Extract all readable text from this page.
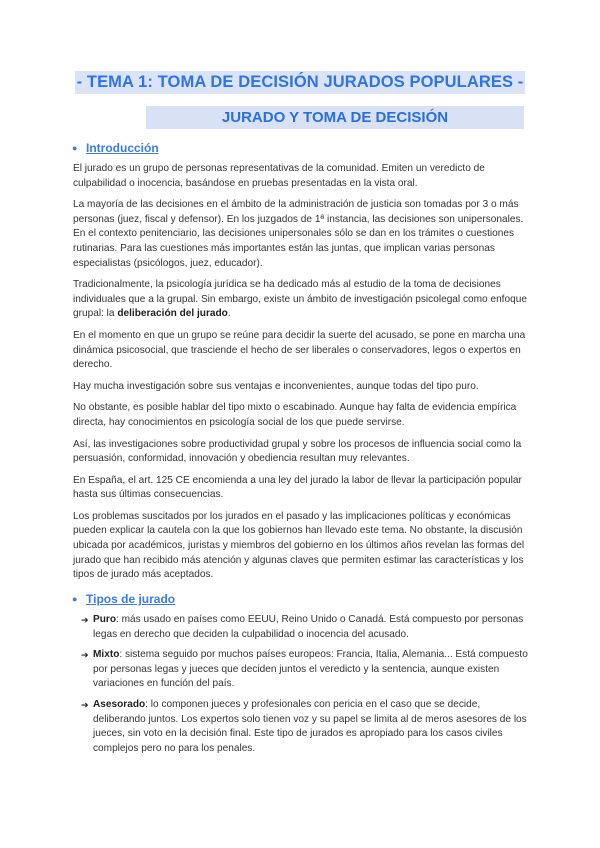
- TEMA 1: TOMA DE DECISIÓN JURADOS POPULARES -
JURADO Y TOMA DE DECISIÓN
● Introducción

El jurado es un grupo de personas representativas de la comunidad. Emiten un veredicto de culpabilidad o inocencia, basándose en pruebas presentadas en la vista oral.

La mayoría de las decisiones en el ámbito de la administración de justicia son tomadas por 3 o más personas (juez, fiscal y defensor). En los juzgados de 1ª instancia, las decisiones son unipersonales. En el contexto penitenciario, las decisiones unipersonales sólo se dan en los trámites o cuestiones rutinarias. Para las cuestiones más importantes están las juntas, que implican varias personas especialistas (psicólogos, juez, educador).

Tradicionalmente, la psicología jurídica se ha dedicado más al estudio de la toma de decisiones individuales que a la grupal. Sin embargo, existe un ámbito de investigación psicolegal como enfoque grupal: la deliberación del jurado.

En el momento en que un grupo se reúne para decidir la suerte del acusado, se pone en marcha una dinámica psicosocial, que trasciende el hecho de ser liberales o conservadores, legos o expertos en derecho.

Hay mucha investigación sobre sus ventajas e inconvenientes, aunque todas del tipo puro.

No obstante, es posible hablar del tipo mixto o escabinado. Aunque hay falta de evidencia empírica directa, hay conocimientos en psicología social de los que puede servirse.

Así, las investigaciones sobre productividad grupal y sobre los procesos de influencia social como la persuasión, conformidad, innovación y obediencia resultan muy relevantes.

En España, el art. 125 CE encomienda a una ley del jurado la labor de llevar la participación popular hasta sus últimas consecuencias.

Los problemas suscitados por los jurados en el pasado y las implicaciones políticas y económicas pueden explicar la cautela con la que los gobiernos han llevado este tema. No obstante, la discusión ubicada por académicos, juristas y miembros del gobierno en los últimos años revelan las formas del jurado que han recibido más atención y algunas claves que permiten estimar las características y los tipos de jurado más aceptados.

● Tipos de jurado
➔ Puro: más usado en países como EEUU, Reino Unido o Canadá. Está compuesto por personas legas en derecho que deciden la culpabilidad o inocencia del acusado.
➔ Mixto: sistema seguido por muchos países europeos: Francia, Italia, Alemania... Está compuesto por personas legas y jueces que deciden juntos el veredicto y la sentencia, aunque existen variaciones en función del país.
➔ Asesorado: lo componen jueces y profesionales con pericia en el caso que se decide, deliberando juntos. Los expertos solo tienen voz y su papel se limita al de meros asesores de los jueces, sin voto en la decisión final. Este tipo de jurados es apropiado para los casos civiles complejos pero no para los penales.
